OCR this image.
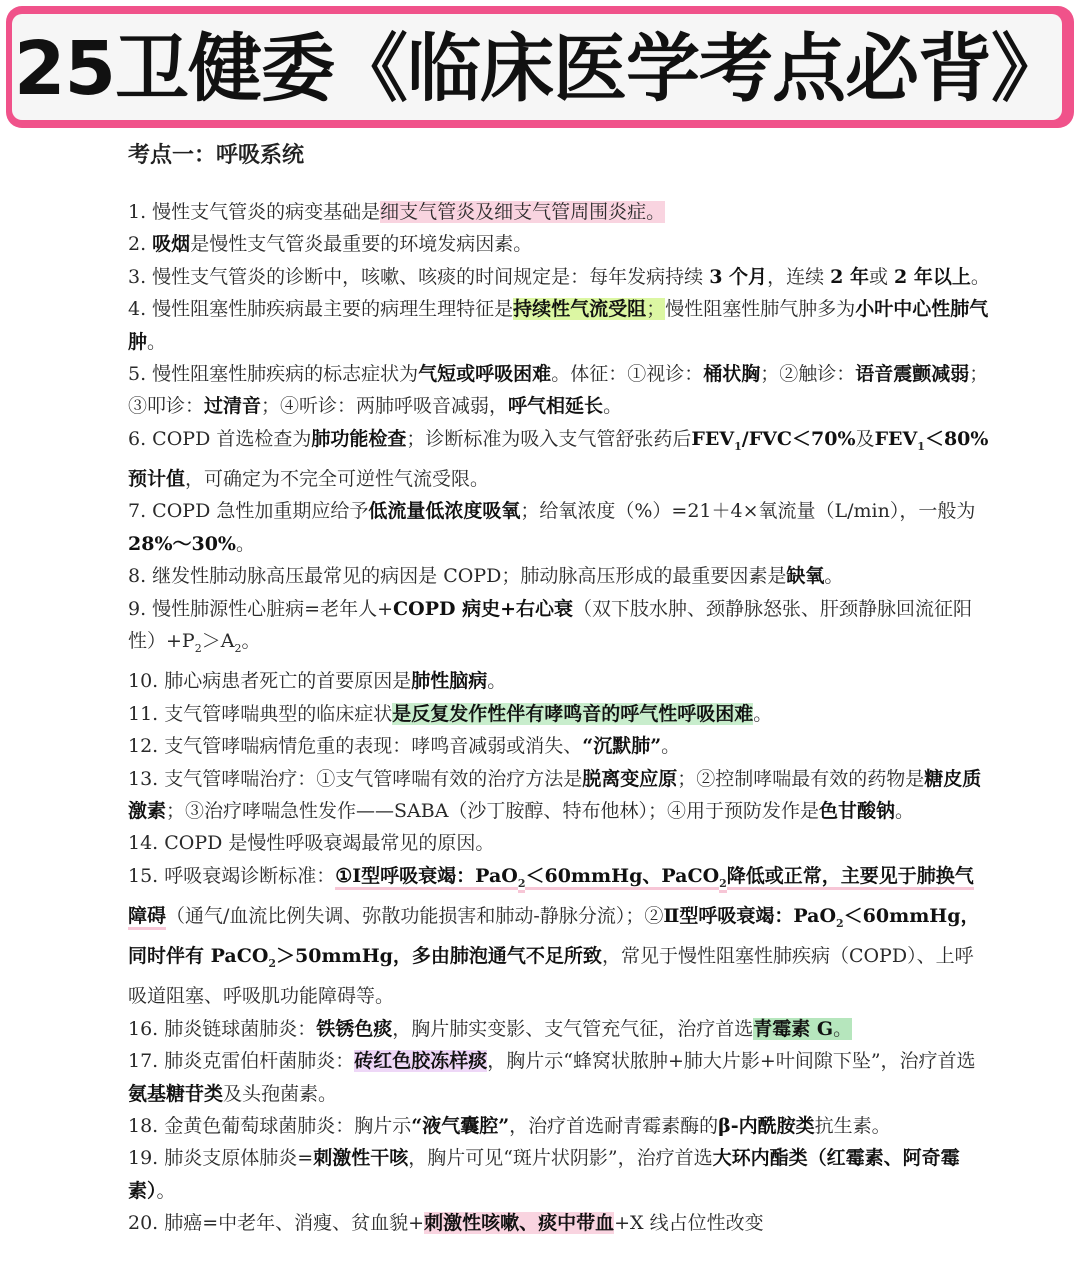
25卫健委《临床医学考点必背》
考点一：呼吸系统

1. 慢性支气管炎的病变基础是细支气管炎及细支气管周围炎症。

2. 吸烟是慢性支气管炎最重要的环境发病因素。

3. 慢性支气管炎的诊断中，咳嗽、咳痰的时间规定是：每年发病持续 3 个月，连续 2 年或 2 年以上。

4. 慢性阻塞性肺疾病最主要的病理生理特征是持续性气流受阻；慢性阻塞性肺气肿多为小叶中心性肺气肿。

5. 慢性阻塞性肺疾病的标志症状为气短或呼吸困难。体征：①视诊：桶状胸；②触诊：语音震颤减弱；③叩诊：过清音；④听诊：两肺呼吸音减弱，呼气相延长。

6. COPD 首选检查为肺功能检查；诊断标准为吸入支气管舒张药后$FEV_1/FVC<70\%$及$FEV_1<80\%$预计值，可确定为不完全可逆性气流受限。

7. COPD 急性加重期应给予低流量低浓度吸氧；给氧浓度（%）=21＋4×氧流量（L/min），一般为 28%～30%。

8. 继发性肺动脉高压最常见的病因是 COPD；肺动脉高压形成的最重要因素是缺氧。

9. 慢性肺源性心脏病=老年人+COPD 病史+右心衰（双下肢水肿、颈静脉怒张、肝颈静脉回流征阳性）$+P_2>A_2$。

10. 肺心病患者死亡的首要原因是肺性脑病。

11. 支气管哮喘典型的临床症状是反复发作性伴有哮鸣音的呼气性呼吸困难。

12. 支气管哮喘病情危重的表现：哮鸣音减弱或消失、“沉默肺”。

13. 支气管哮喘治疗：①支气管哮喘有效的治疗方法是脱离变应原；②控制哮喘最有效的药物是糖皮质激素；③治疗哮喘急性发作——SABA（沙丁胺醇、特布他林）；④用于预防发作是色甘酸钠。

14. COPD 是慢性呼吸衰竭最常见的原因。

15. 呼吸衰竭诊断标准：①Ⅰ型呼吸衰竭：PaO$_2$＜60mmHg、PaCO$_2$降低或正常，主要见于肺换气障碍（通气/血流比例失调、弥散功能损害和肺动-静脉分流）；②Ⅱ型呼吸衰竭：PaO$_2$＜60mmHg，同时伴有 PaCO$_2$＞50mmHg，多由肺泡通气不足所致，常见于慢性阻塞性肺疾病（COPD）、上呼吸道阻塞、呼吸肌功能障碍等。

16. 肺炎链球菌肺炎：铁锈色痰，胸片肺实变影、支气管充气征，治疗首选青霉素 G。

17. 肺炎克雷伯杆菌肺炎：砖红色胶冻样痰，胸片示“蜂窝状脓肿+肺大片影+叶间隙下坠”，治疗首选氨基糖苷类及头孢菌素。

18. 金黄色葡萄球菌肺炎：胸片示“液气囊腔”，治疗首选耐青霉素酶的β-内酰胺类抗生素。

19. 肺炎支原体肺炎=刺激性干咳，胸片可见“斑片状阴影”，治疗首选大环内酯类（红霉素、阿奇霉素）。

20. 肺癌=中老年、消瘦、贫血貌+刺激性咳嗽、痰中带血+X 线占位性改变
